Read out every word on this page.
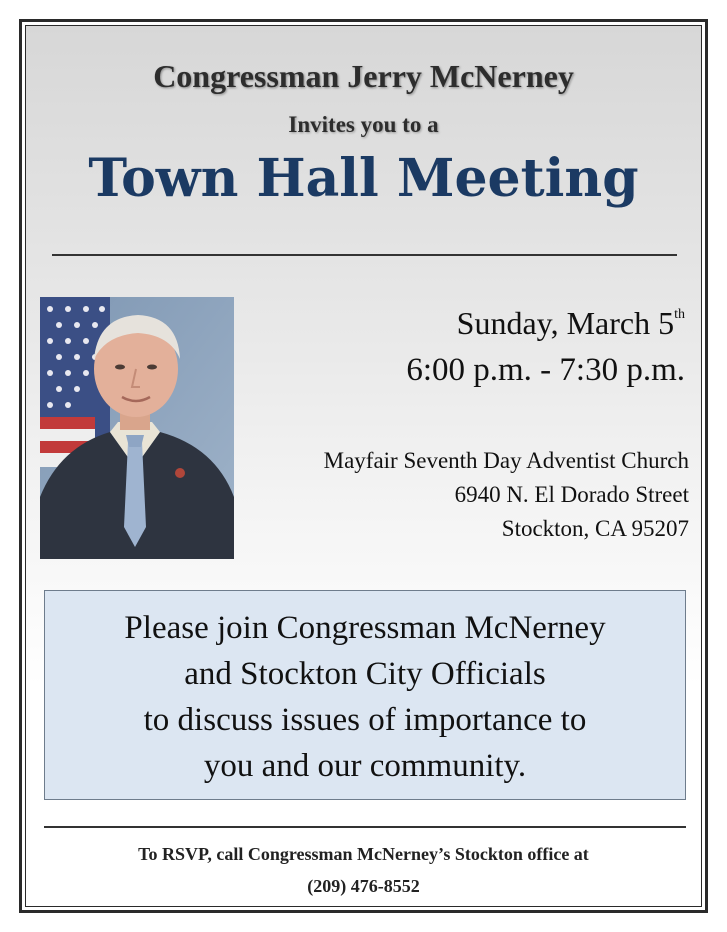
Congressman Jerry McNerney
Invites you to a
Town Hall Meeting
Sunday, March 5th
6:00 p.m. - 7:30 p.m.
Mayfair Seventh Day Adventist Church
6940 N. El Dorado Street
Stockton, CA 95207
Please join Congressman McNerney
and Stockton City Officials
to discuss issues of importance to
you and our community.
To RSVP, call Congressman McNerney’s Stockton office at
(209) 476-8552
